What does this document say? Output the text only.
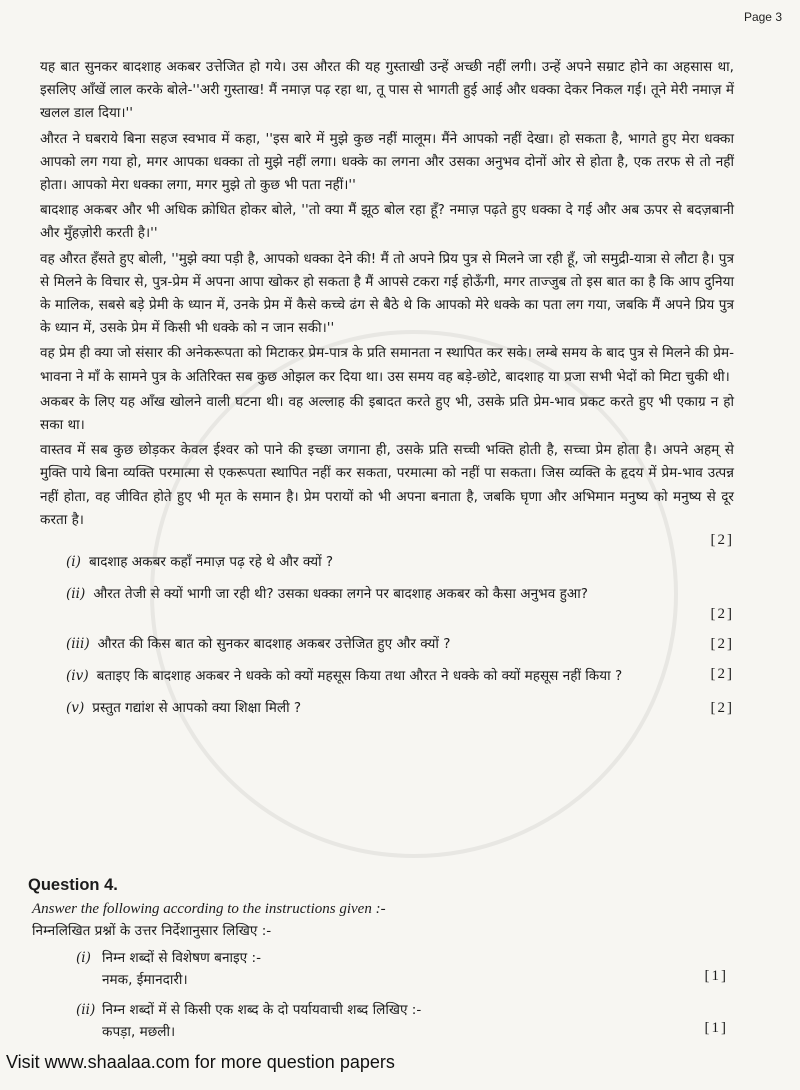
Page 3

यह बात सुनकर बादशाह अकबर उत्तेजित हो गये। उस औरत की यह गुस्ताखी उन्हें अच्छी नहीं लगी। उन्हें अपने सम्राट होने का अहसास था, इसलिए आँखें लाल करके बोले-''अरी गुस्ताख! मैं नमाज़ पढ़ रहा था, तू पास से भागती हुई आई और धक्का देकर निकल गई। तूने मेरी नमाज़ में खलल डाल दिया।''

औरत ने घबराये बिना सहज स्वभाव में कहा, ''इस बारे में मुझे कुछ नहीं मालूम। मैंने आपको नहीं देखा। हो सकता है, भागते हुए मेरा धक्का आपको लग गया हो, मगर आपका धक्का तो मुझे नहीं लगा। धक्के का लगना और उसका अनुभव दोनों ओर से होता है, एक तरफ से तो नहीं होता। आपको मेरा धक्का लगा, मगर मुझे तो कुछ भी पता नहीं।''

बादशाह अकबर और भी अधिक क्रोधित होकर बोले, ''तो क्या मैं झूठ बोल रहा हूँ? नमाज़ पढ़ते हुए धक्का दे गई और अब ऊपर से बदज़बानी और मुँहज़ोरी करती है।''

वह औरत हँसते हुए बोली, ''मुझे क्या पड़ी है, आपको धक्का देने की! मैं तो अपने प्रिय पुत्र से मिलने जा रही हूँ, जो समुद्री-यात्रा से लौटा है। पुत्र से मिलने के विचार से, पुत्र-प्रेम में अपना आपा खोकर हो सकता है मैं आपसे टकरा गई होऊँगी, मगर ताज्जुब तो इस बात का है कि आप दुनिया के मालिक, सबसे बड़े प्रेमी के ध्यान में, उनके प्रेम में कैसे कच्चे ढंग से बैठे थे कि आपको मेरे धक्के का पता लग गया, जबकि मैं अपने प्रिय पुत्र के ध्यान में, उसके प्रेम में किसी भी धक्के को न जान सकी।''

वह प्रेम ही क्या जो संसार की अनेकरूपता को मिटाकर प्रेम-पात्र के प्रति समानता न स्थापित कर सके। लम्बे समय के बाद पुत्र से मिलने की प्रेम-भावना ने माँ के सामने पुत्र के अतिरिक्त सब कुछ ओझल कर दिया था। उस समय वह बड़े-छोटे, बादशाह या प्रजा सभी भेदों को मिटा चुकी थी।

अकबर के लिए यह आँख खोलने वाली घटना थी। वह अल्लाह की इबादत करते हुए भी, उसके प्रति प्रेम-भाव प्रकट करते हुए भी एकाग्र न हो सका था।

वास्तव में सब कुछ छोड़कर केवल ईश्वर को पाने की इच्छा जगाना ही, उसके प्रति सच्ची भक्ति होती है, सच्चा प्रेम होता है। अपने अहम् से मुक्ति पाये बिना व्यक्ति परमात्मा से एकरूपता स्थापित नहीं कर सकता, परमात्मा को नहीं पा सकता। जिस व्यक्ति के हृदय में प्रेम-भाव उत्पन्न नहीं होता, वह जीवित होते हुए भी मृत के समान है। प्रेम परायों को भी अपना बनाता है, जबकि घृणा और अभिमान मनुष्य को मनुष्य से दूर करता है।

[2]
(i) बादशाह अकबर कहाँ नमाज़ पढ़ रहे थे और क्यों ?
(ii) औरत तेजी से क्यों भागी जा रही थी? उसका धक्का लगने पर बादशाह अकबर को कैसा अनुभव हुआ?
[2]
(iii) औरत की किस बात को सुनकर बादशाह अकबर उत्तेजित हुए और क्यों ?	[2]
(iv) बताइए कि बादशाह अकबर ने धक्के को क्यों महसूस किया तथा औरत ने धक्के को क्यों महसूस नहीं किया ?	[2]
(v) प्रस्तुत गद्यांश से आपको क्या शिक्षा मिली ?	[2]
Question 4.
Answer the following according to the instructions given :-
निम्नलिखित प्रश्नों के उत्तर निर्देशानुसार लिखिए :-
(i) निम्न शब्दों से विशेषण बनाइए :-
नमक, ईमानदारी।	[1]
(ii) निम्न शब्दों में से किसी एक शब्द के दो पर्यायवाची शब्द लिखिए :-
कपड़ा, मछली।	[1]
Visit www.shaalaa.com for more question papers
